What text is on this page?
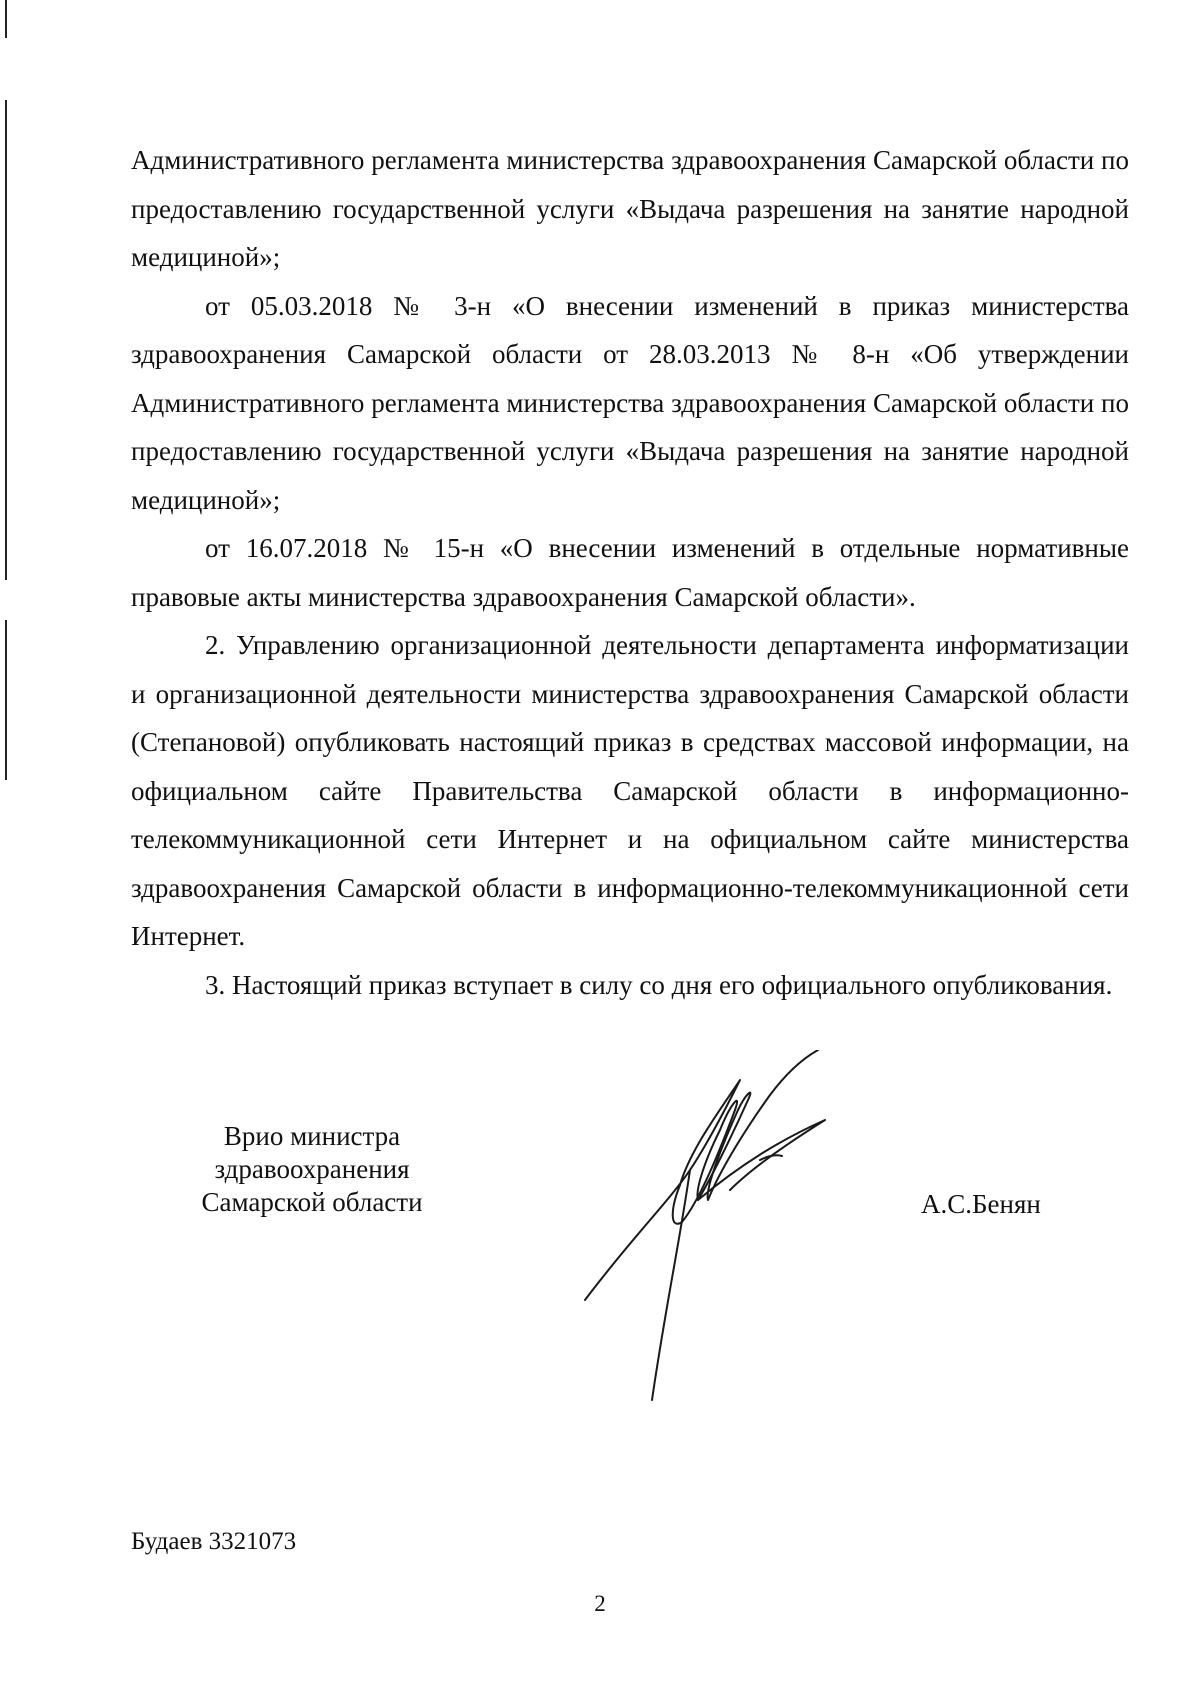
Административного регламента министерства здравоохранения Самарской области по предоставлению государственной услуги «Выдача разрешения на занятие народной медициной»;

от 05.03.2018 № 3-н «О внесении изменений в приказ министерства здравоохранения Самарской области от 28.03.2013 № 8-н «Об утверждении Административного регламента министерства здравоохранения Самарской области по предоставлению государственной услуги «Выдача разрешения на занятие народной медициной»;

от 16.07.2018 № 15-н «О внесении изменений в отдельные нормативные правовые акты министерства здравоохранения Самарской области».

2. Управлению организационной деятельности департамента информатизации и организационной деятельности министерства здравоохранения Самарской области (Степановой) опубликовать настоящий приказ в средствах массовой информации, на официальном сайте Правительства Самарской области в информационно-телекоммуникационной сети Интернет и на официальном сайте министерства здравоохранения Самарской области в информационно-телекоммуникационной сети Интернет.

3. Настоящий приказ вступает в силу со дня его официального опубликования.

Врио министра
здравоохранения
Самарской области	А.С.Бенян
Будаев 3321073
2
